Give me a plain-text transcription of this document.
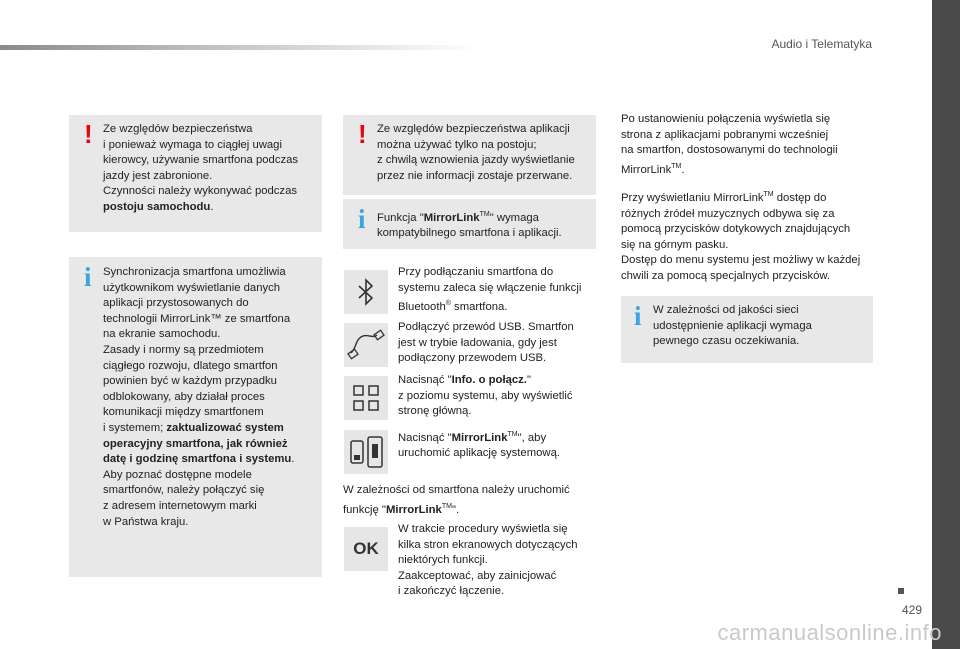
Audio i Telematyka
! Ze względów bezpieczeństwa

i ponieważ wymaga to ciągłej uwagi

kierowcy, używanie smartfona podczas

jazdy jest zabronione.

Czynności należy wykonywać podczas

postoju samochodu.

i Synchronizacja smartfona umożliwia

użytkownikom wyświetlanie danych

aplikacji przystosowanych do

technologii MirrorLink™ ze smartfona

na ekranie samochodu.

Zasady i normy są przedmiotem

ciągłego rozwoju, dlatego smartfon

powinien być w każdym przypadku

odblokowany, aby działał proces

komunikacji między smartfonem

i systemem; zaktualizować system

operacyjny smartfona, jak również

datę i godzinę smartfona i systemu.

Aby poznać dostępne modele

smartfonów, należy połączyć się

z adresem internetowym marki

w Państwa kraju.

! Ze względów bezpieczeństwa aplikacji

można używać tylko na postoju;

z chwilą wznowienia jazdy wyświetlanie

przez nie informacji zostaje przerwane.

i Funkcja "MirrorLink™" wymaga

kompatybilnego smartfona i aplikacji.

Przy podłączaniu smartfona do

systemu zaleca się włączenie funkcji

Bluetooth® smartfona.

Podłączyć przewód USB. Smartfon

jest w trybie ładowania, gdy jest

podłączony przewodem USB.

Nacisnąć "Info. o połącz."

z poziomu systemu, aby wyświetlić

stronę główną.

Nacisnąć "MirrorLink™", aby

uruchomić aplikację systemową.

W zależności od smartfona należy uruchomić

funkcję "MirrorLink™".

OK

W trakcie procedury wyświetla się

kilka stron ekranowych dotyczących

niektórych funkcji.

Zaakceptować, aby zainicjować

i zakończyć łączenie.

Po ustanowieniu połączenia wyświetla się

strona z aplikacjami pobranymi wcześniej

na smartfon, dostosowanymi do technologii

MirrorLink™.

Przy wyświetlaniu MirrorLink™ dostęp do

różnych źródeł muzycznych odbywa się za

pomocą przycisków dotykowych znajdujących

się na górnym pasku.

Dostęp do menu systemu jest możliwy w każdej

chwili za pomocą specjalnych przycisków.

i W zależności od jakości sieci

udostępnienie aplikacji wymaga

pewnego czasu oczekiwania.

429
carmanualsonline.info
